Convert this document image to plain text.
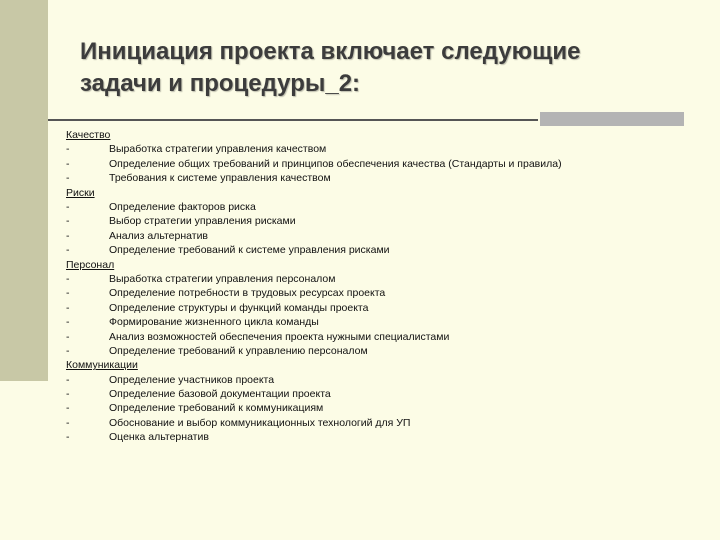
Инициация проекта включает следующие
задачи и процедуры_2:
Качество
-	Выработка стратегии управления качеством
-	Определение общих требований и принципов обеспечения качества (Стандарты и правила)
-	Требования к системе управления качеством
Риски
-	Определение факторов риска
-	Выбор стратегии управления рисками
-	Анализ альтернатив
-	Определение требований к системе управления рисками
Персонал
-	Выработка стратегии управления персоналом
-	Определение потребности в трудовых ресурсах проекта
-	Определение структуры и функций команды проекта
-	Формирование жизненного цикла команды
-	Анализ возможностей обеспечения проекта нужными специалистами
-	Определение требований к управлению персоналом
Коммуникации
-	Определение участников проекта
-	Определение базовой документации проекта
-	Определение требований к коммуникациям
-	Обоснование и выбор коммуникационных технологий для УП
-	Оценка альтернатив
